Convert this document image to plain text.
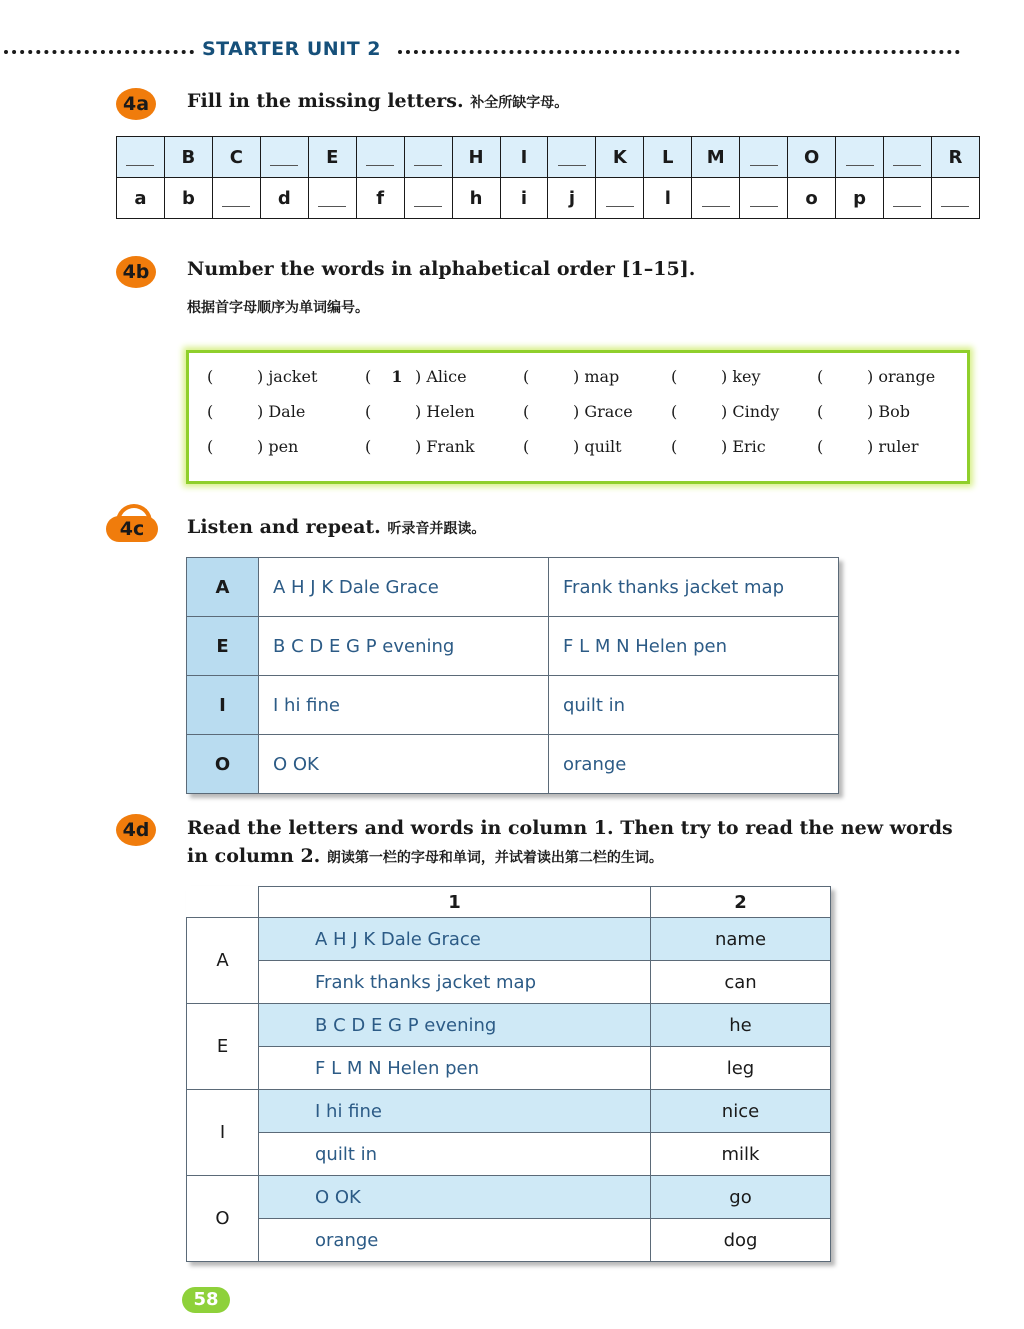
STARTER UNIT 2
4a	Fill in the missing letters. 补全所缺字母。
	B	C		E			H	I		K	L	M		O			R
a	b		d		f		h	i	j		l			o	p		
4b	Number the words in alphabetical order [1–15].
根据首字母顺序为单词编号。
(	) jacket	( 1 ) Alice	(	) map	(	) key	(	) orange
(	) Dale	(	) Helen	(	) Grace (	) Cindy (	) Bob
(	) pen	(	) Frank	(	) quilt	(	) Eric	(	) ruler
4c	Listen and repeat. 听录音并跟读。
A	A H J K Dale Grace	Frank thanks jacket map
E	B C D E G P evening	F L M N Helen pen
I	I hi fine	quilt in
O	O OK	orange
4d	Read the letters and words in column 1. Then try to read the new words
in column 2. 朗读第一栏的字母和单词，并试着读出第二栏的生词。
	1	2
A	A H J K Dale Grace	name
	Frank thanks jacket map	can
E	B C D E G P evening	he
	F L M N Helen pen	leg
I	I hi fine	nice
	quilt in	milk
O	O OK	go
	orange	dog
58
